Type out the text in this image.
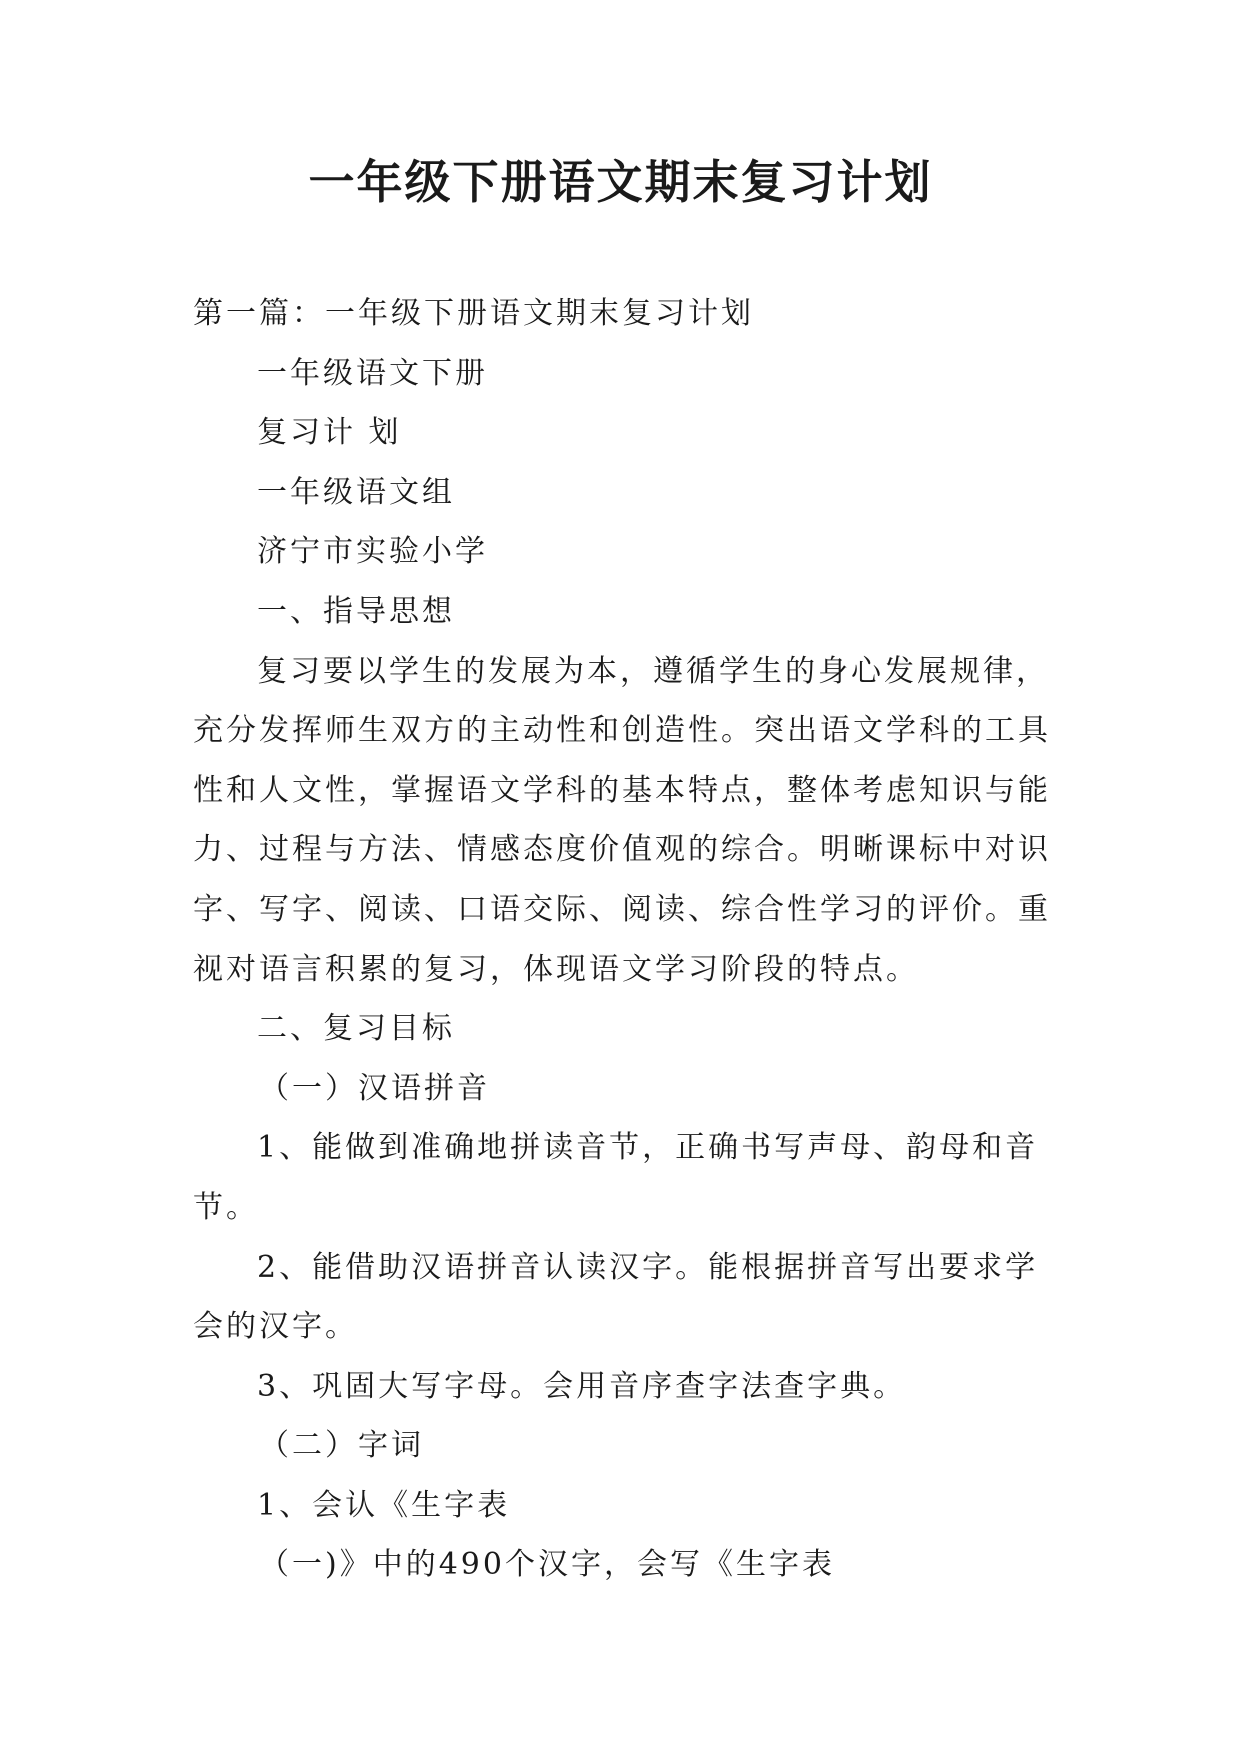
一年级下册语文期末复习计划
第一篇：一年级下册语文期末复习计划
一年级语文下册
复习计 划
一年级语文组
济宁市实验小学
一、指导思想
复习要以学生的发展为本，遵循学生的身心发展规律，
充分发挥师生双方的主动性和创造性。突出语文学科的工具
性和人文性，掌握语文学科的基本特点，整体考虑知识与能
力、过程与方法、情感态度价值观的综合。明晰课标中对识
字、写字、阅读、口语交际、阅读、综合性学习的评价。重
视对语言积累的复习，体现语文学习阶段的特点。
二、复习目标
（一）汉语拼音
1、能做到准确地拼读音节，正确书写声母、韵母和音
节。
2、能借助汉语拼音认读汉字。能根据拼音写出要求学
会的汉字。
3、巩固大写字母。会用音序查字法查字典。
（二）字词
1、会认《生字表
（一)》中的490个汉字，会写《生字表
